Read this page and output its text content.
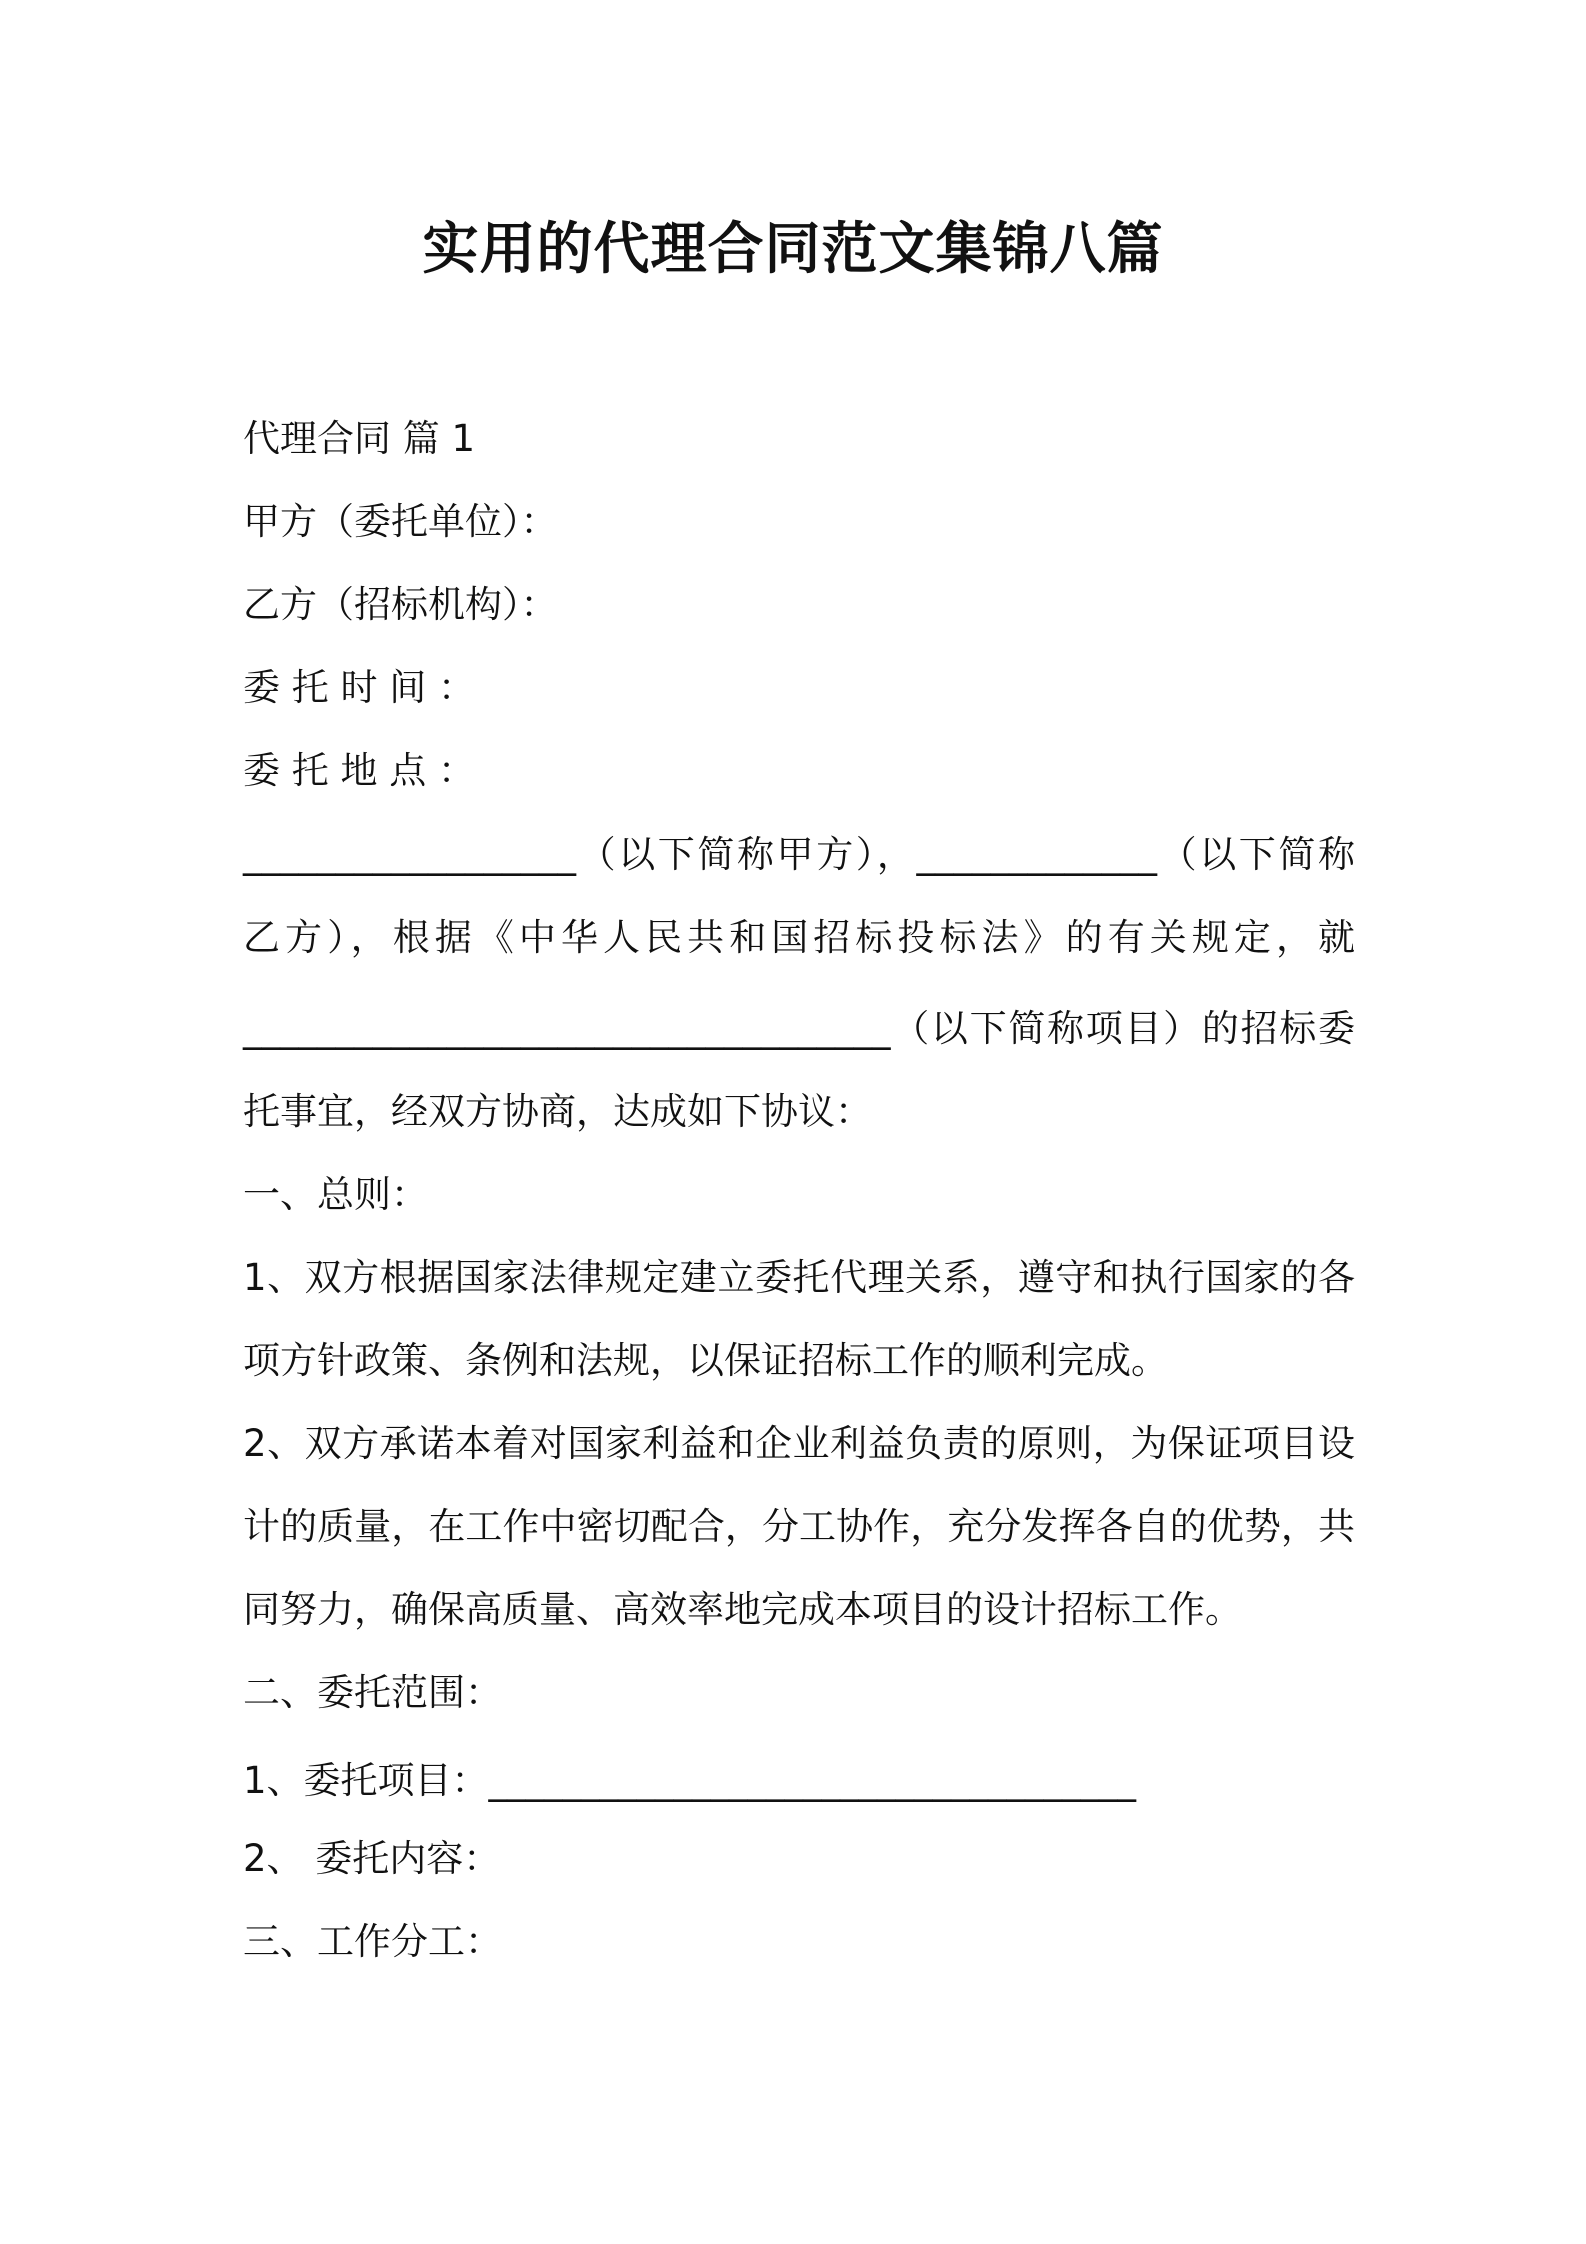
实用的代理合同范文集锦八篇
代理合同 篇 1
甲方（委托单位）：
乙方（招标机构）：
委 托 时 间 ：
委 托 地 点 ：
__________________（以下简称甲方），_____________（以下简称
乙方），根据《中华人民共和国招标投标法》的有关规定，就
___________________________________（以下简称项目）的招标委
托事宜，经双方协商，达成如下协议：
一、总则：
1、双方根据国家法律规定建立委托代理关系，遵守和执行国家的各
项方针政策、条例和法规，以保证招标工作的顺利完成。
2、双方承诺本着对国家利益和企业利益负责的原则，为保证项目设
计的质量，在工作中密切配合，分工协作，充分发挥各自的优势，共
同努力，确保高质量、高效率地完成本项目的设计招标工作。
二、委托范围：
1、委托项目：___________________________________
2、 委托内容：
三、工作分工：
